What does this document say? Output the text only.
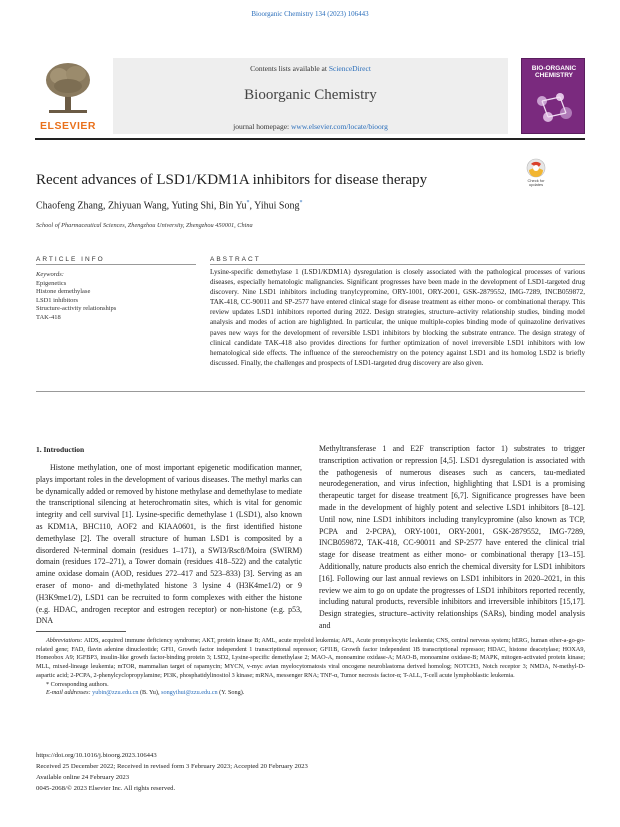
Bioorganic Chemistry 134 (2023) 106443
ELSEVIER
Contents lists available at ScienceDirect
Bioorganic Chemistry
journal homepage: www.elsevier.com/locate/bioorg
BIO-ORGANIC CHEMISTRY
Recent advances of LSD1/KDM1A inhibitors for disease therapy	Check for updates
Chaofeng Zhang, Zhiyuan Wang, Yuting Shi, Bin Yu*, Yihui Song*
School of Pharmaceutical Sciences, Zhengzhou University, Zhengzhou 450001, China
ARTICLE INFO
Keywords:
Epigenetics
Histone demethylase
LSD1 inhibitors
Structure-activity relationships
TAK-418
ABSTRACT
Lysine-specific demethylase 1 (LSD1/KDM1A) dysregulation is closely associated with the pathological processes of various diseases, especially hematologic malignancies. Significant progresses have been made in the development of LSD1-targeted drug discovery. Nine LSD1 inhibitors including tranylcypromine, ORY-1001, ORY-2001, GSK-2879552, IMG-7289, INCB059872, TAK-418, CC-90011 and SP-2577 have entered clinical stage for disease treatment as either mono- or combinational therapy. This review updates LSD1 inhibitors reported during 2022. Design strategies, structure–activity relationship studies, binding model analysis and modes of action are highlighted. In particular, the unique multiple-copies binding mode of quinazoline derivatives paves new ways for the development of reversible LSD1 inhibitors by blocking the substrate entrance. The design strategy of clinical candidate TAK-418 also provides directions for further optimization of novel irreversible LSD1 inhibitors with low hematological side effects. The influence of the stereochemistry on the potency against LSD1 and its homolog LSD2 is briefly discussed. Finally, the challenges and prospects of LSD1-targeted drug discovery are also given.
1. Introduction
Histone methylation, one of most important epigenetic modification manner, plays important roles in the development of various diseases. The methyl marks can be dynamically added or removed by histone methylase and demethylase to mediate the transcriptional silencing at heterochromatin sites, which is vital for genomic integrity and cell survival [1]. Lysine-specific demethylase 1 (LSD1), also known as KDM1A, BHC110, AOF2 and KIAA0601, is the first identified histone demethylase [2]. The overall structure of human LSD1 is composited by a disordered N-terminal domain (residues 1–171), a SWI3/Rsc8/Moira (SWIRM) domain (residues 172–271), a Tower domain (residues 418–522) and the catalytic amine oxidase domain (AOD, residues 272–417 and 523–833) [3]. Serving as an eraser of mono- and di-methylated histone 3 lysine 4 (H3K4me1/2) or 9 (H3K9me1/2), LSD1 can be recruited to form complexes with either the histone (e.g. HDAC, androgen receptor and estrogen receptor) or non-histone (e.g. p53, DNA
Methyltransferase 1 and E2F transcription factor 1) substrates to trigger transcription activation or repression [4,5]. LSD1 dysregulation is associated with the pathogenesis of numerous diseases such as cancers, tau-mediated neurodegeneration, and virus infection, highlighting that LSD1 is a promising therapeutic target for disease treatment [6,7]. Significance progresses have been made in the development of highly potent and selective LSD1 inhibitors [8–12]. Until now, nine LSD1 inhibitors including tranylcypromine (also known as TCP, PCPA and 2-PCPA), ORY-1001, ORY-2001, GSK-2879552, IMG-7289, INCB059872, TAK-418, CC-90011 and SP-2577 have entered the clinical trial stage for disease treatment as either mono- or combinational therapy [13–15]. Additionally, nature products also enrich the chemical diversity for LSD1 inhibitors [16]. Following our last annual reviews on LSD1 inhibitors in 2020–2021, in this review we aim to go on update the progresses of LSD1 inhibitors reported recently, including natural products, reversible inhibitors and irreversible inhibitors [15,17]. Design strategies, structure–activity relationships (SARs), binding model analysis and
Abbreviations: AIDS, acquired immune deficiency syndrome; AKT, protein kinase B; AML, acute myeloid leukemia; APL, Acute promyelocytic leukemia; CNS, central nervous system; hERG, human ether-a-go-go-related gene; FAD, flavin adenine dinucleotide; GFI1, Growth factor independent 1 transcriptional repressor; GFI1B, Growth factor independent 1B transcriptional repressor; HDAC, histone deacetylase; HOXA9, Homeobox A9; IGFBP3, insulin-like growth factor-binding protein 3; LSD2, Lysine-specific demethylase 2; MAO-A, monoamine oxidase-A; MAO-B, monoamine oxidase-B; MAPK, mitogen-activated protein kinase; MLL, mixed-lineage leukemia; mTOR, mammalian target of rapamycin; MYCN, v-myc avian myelocytomatosis viral oncogene neuroblastoma derived homolog; NOTCH3, Notch receptor 3; NMDA, N-methyl-D-aspartic acid; 2-PCPA, 2-phenylcyclopropylamine; PI3K, phosphatidylinositol 3 kinase; mRNA, messenger RNA; TNF-α, Tumor necrosis factor-α; T-ALL, T-cell acute lymphoblastic leukemia.
* Corresponding authors.
E-mail addresses: yubin@zzu.edu.cn (B. Yu), songyihui@zzu.edu.cn (Y. Song).
https://doi.org/10.1016/j.bioorg.2023.106443
Received 25 December 2022; Received in revised form 3 February 2023; Accepted 20 February 2023
Available online 24 February 2023
0045-2068/© 2023 Elsevier Inc. All rights reserved.
